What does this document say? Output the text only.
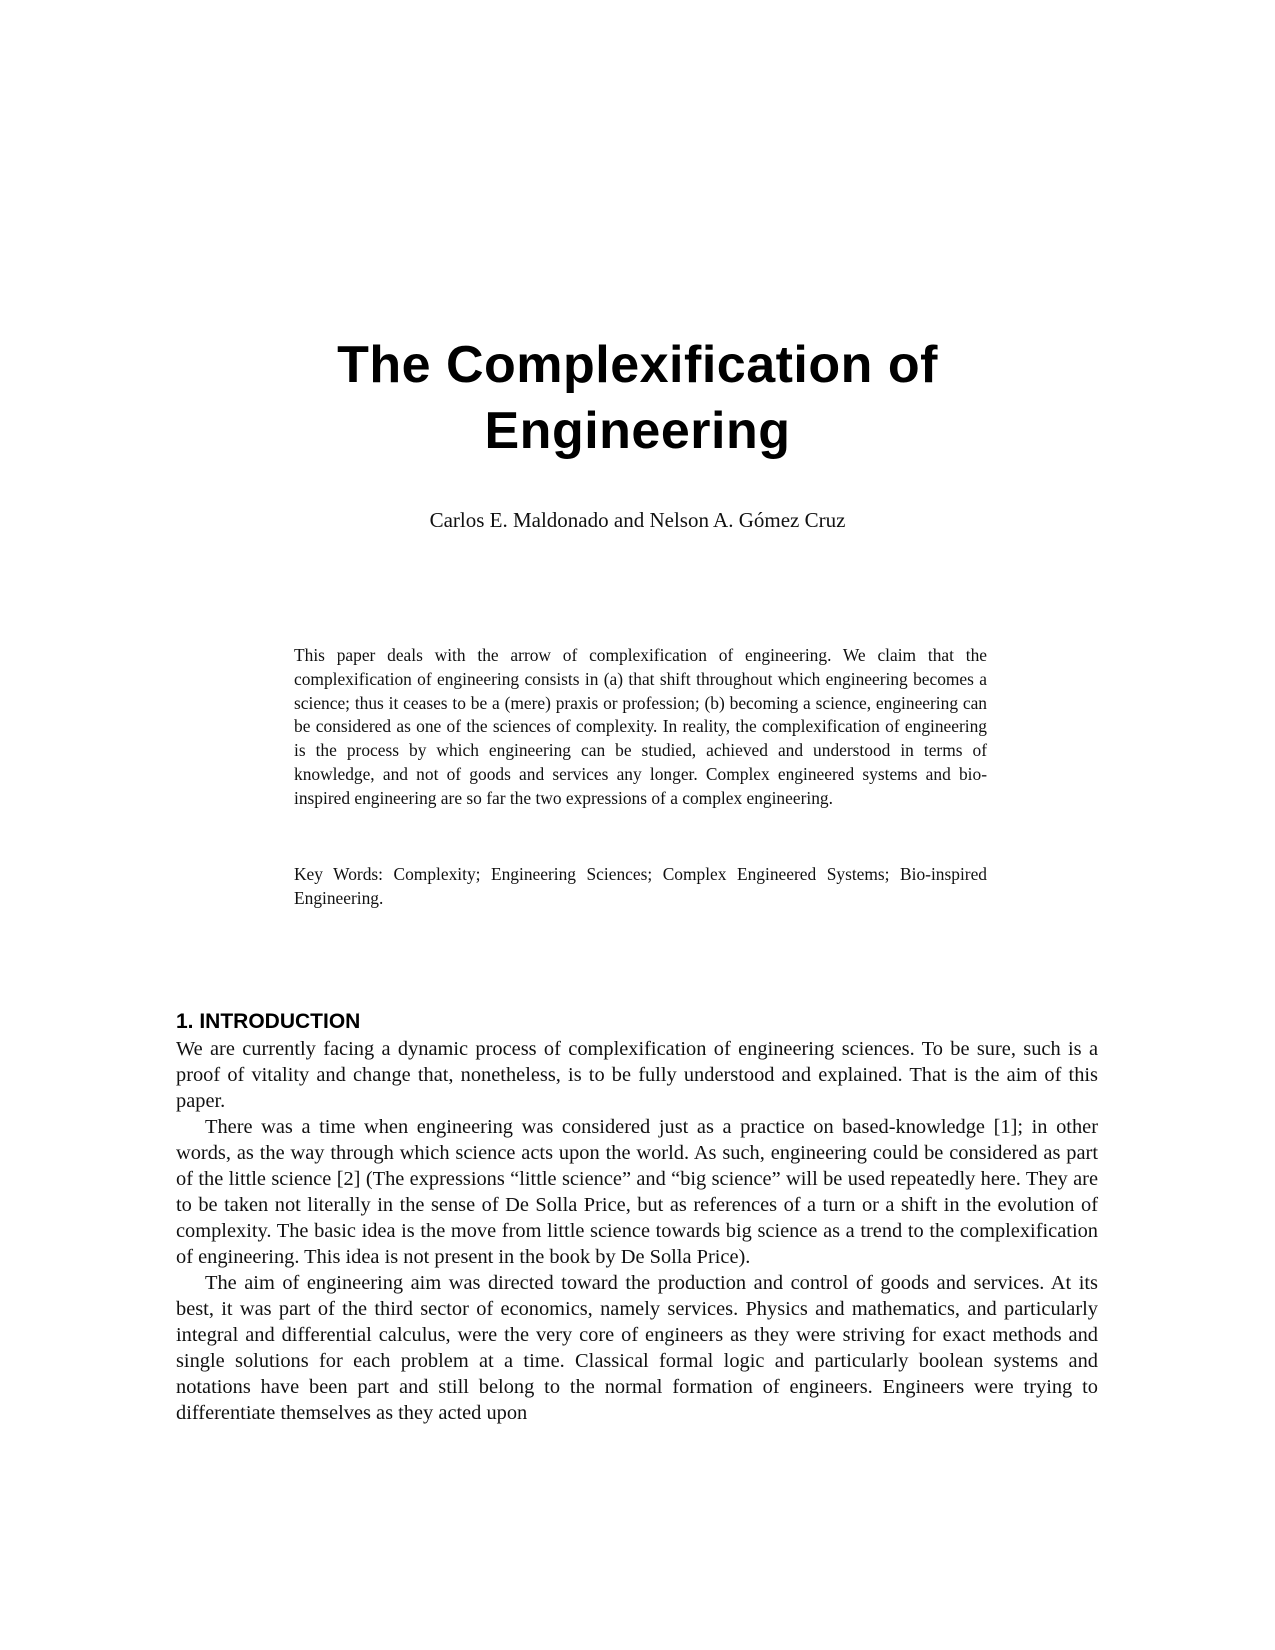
The Complexification of Engineering
Carlos E. Maldonado and Nelson A. Gómez Cruz

This paper deals with the arrow of complexification of engineering. We claim that the complexification of engineering consists in (a) that shift throughout which engineering becomes a science; thus it ceases to be a (mere) praxis or profession; (b) becoming a science, engineering can be considered as one of the sciences of complexity. In reality, the complexification of engineering is the process by which engineering can be studied, achieved and understood in terms of knowledge, and not of goods and services any longer. Complex engineered systems and bio-inspired engineering are so far the two expressions of a complex engineering.

Key Words: Complexity; Engineering Sciences; Complex Engineered Systems; Bio-inspired Engineering.

1. INTRODUCTION

We are currently facing a dynamic process of complexification of engineering sciences. To be sure, such is a proof of vitality and change that, nonetheless, is to be fully understood and explained. That is the aim of this paper.

There was a time when engineering was considered just as a practice on based-knowledge [1]; in other words, as the way through which science acts upon the world. As such, engineering could be considered as part of the little science [2] (The expressions “little science” and “big science” will be used repeatedly here. They are to be taken not literally in the sense of De Solla Price, but as references of a turn or a shift in the evolution of complexity. The basic idea is the move from little science towards big science as a trend to the complexification of engineering. This idea is not present in the book by De Solla Price).

The aim of engineering aim was directed toward the production and control of goods and services. At its best, it was part of the third sector of economics, namely services. Physics and mathematics, and particularly integral and differential calculus, were the very core of engineers as they were striving for exact methods and single solutions for each problem at a time. Classical formal logic and particularly boolean systems and notations have been part and still belong to the normal formation of engineers. Engineers were trying to differentiate themselves as they acted upon
